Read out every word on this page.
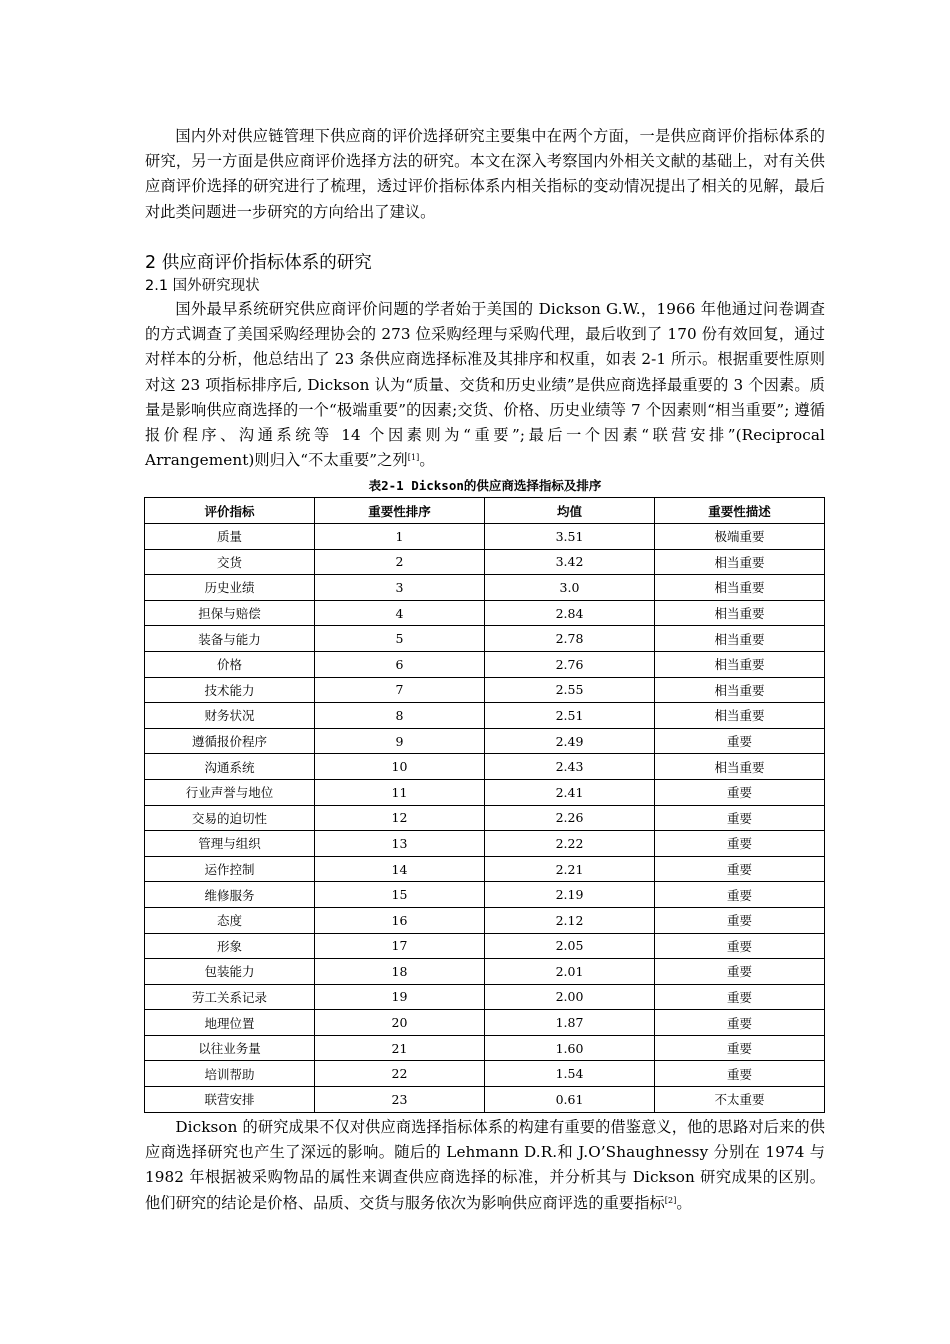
国内外对供应链管理下供应商的评价选择研究主要集中在两个方面，一是供应商评价指标体系的研究，另一方面是供应商评价选择方法的研究。本文在深入考察国内外相关文献的基础上，对有关供应商评价选择的研究进行了梳理，透过评价指标体系内相关指标的变动情况提出了相关的见解，最后对此类问题进一步研究的方向给出了建议。

2 供应商评价指标体系的研究
2.1 国外研究现状

国外最早系统研究供应商评价问题的学者始于美国的 Dickson G.W.，1966 年他通过问卷调查的方式调查了美国采购经理协会的 273 位采购经理与采购代理，最后收到了 170 份有效回复，通过对样本的分析，他总结出了 23 条供应商选择标准及其排序和权重，如表 2-1 所示。根据重要性原则对这 23 项指标排序后, Dickson 认为“质量、交货和历史业绩”是供应商选择最重要的 3 个因素。质量是影响供应商选择的一个“极端重要”的因素;交货、价格、历史业绩等 7 个因素则“相当重要”; 遵循报价程序、沟通系统等 14 个因素则为“重要”;最后一个因素“联营安排”(Reciprocal Arrangement)则归入“不太重要”之列[1]。

表2-1 Dickson的供应商选择指标及排序
评价指标	重要性排序	均值	重要性描述
质量	1	3.51	极端重要
交货	2	3.42	相当重要
历史业绩	3	3.0	相当重要
担保与赔偿	4	2.84	相当重要
装备与能力	5	2.78	相当重要
价格	6	2.76	相当重要
技术能力	7	2.55	相当重要
财务状况	8	2.51	相当重要
遵循报价程序	9	2.49	重要
沟通系统	10	2.43	相当重要
行业声誉与地位	11	2.41	重要
交易的迫切性	12	2.26	重要
管理与组织	13	2.22	重要
运作控制	14	2.21	重要
维修服务	15	2.19	重要
态度	16	2.12	重要
形象	17	2.05	重要
包装能力	18	2.01	重要
劳工关系记录	19	2.00	重要
地理位置	20	1.87	重要
以往业务量	21	1.60	重要
培训帮助	22	1.54	重要
联营安排	23	0.61	不太重要

Dickson 的研究成果不仅对供应商选择指标体系的构建有重要的借鉴意义，他的思路对后来的供应商选择研究也产生了深远的影响。随后的 Lehmann D.R.和 J.O’Shaughnessy 分别在 1974 与 1982 年根据被采购物品的属性来调查供应商选择的标准，并分析其与 Dickson 研究成果的区别。他们研究的结论是价格、品质、交货与服务依次为影响供应商评选的重要指标[2]。
